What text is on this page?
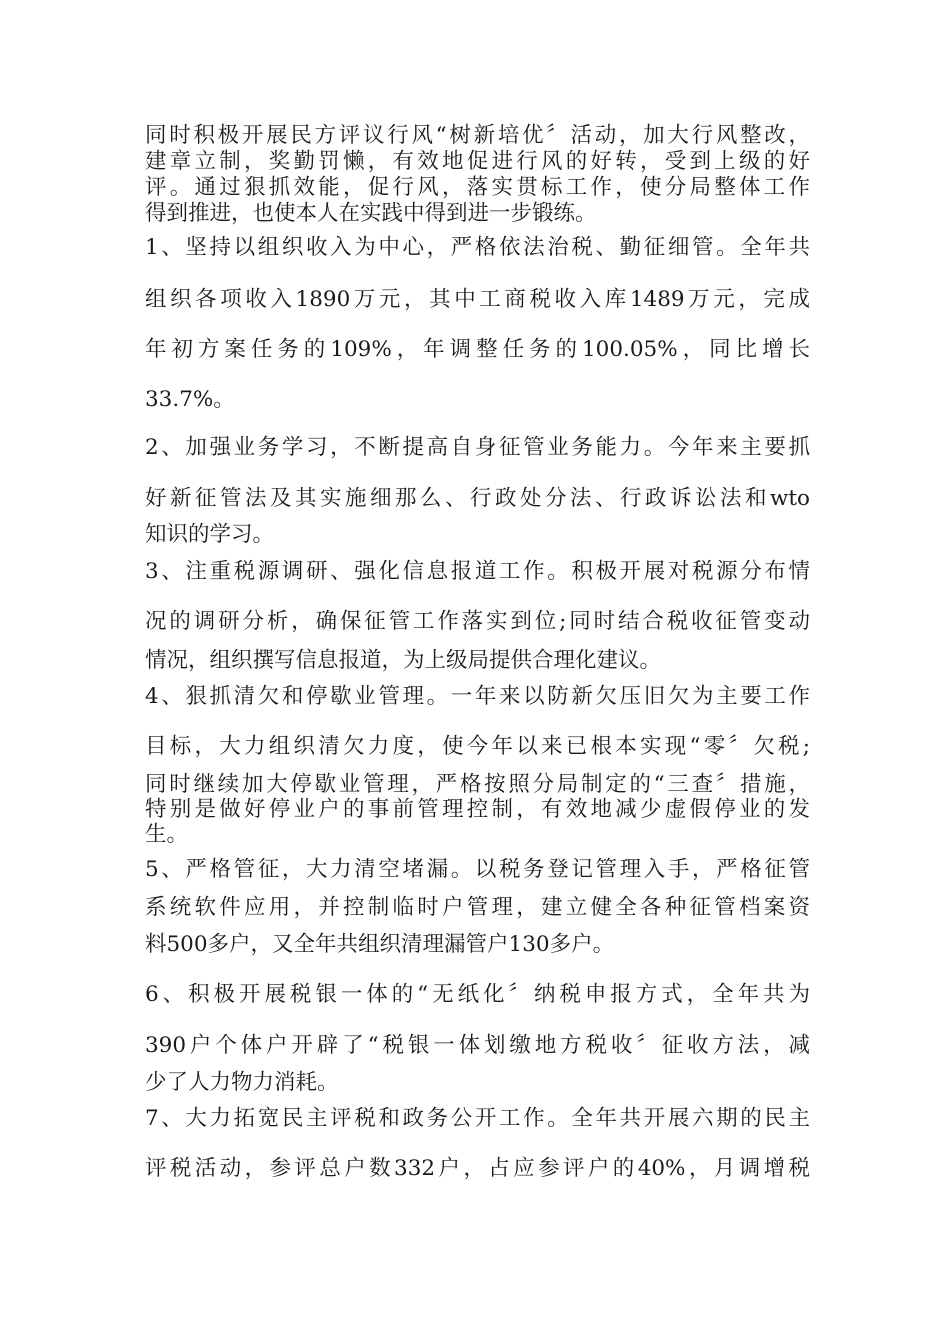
同时积极开展民方评议行风“树新培优〞活动，加大行风整改，

建章立制，奖勤罚懒，有效地促进行风的好转，受到上级的好

评。通过狠抓效能，促行风，落实贯标工作，使分局整体工作

得到推进，也使本人在实践中得到进一步锻练。

1、坚持以组织收入为中心，严格依法治税、勤征细管。全年共

组织各项收入1890万元，其中工商税收入库1489万元，完成

年初方案任务的109%，年调整任务的100.05%，同比增长

33.7%。

2、加强业务学习，不断提高自身征管业务能力。今年来主要抓

好新征管法及其实施细那么、行政处分法、行政诉讼法和wto

知识的学习。

3、注重税源调研、强化信息报道工作。积极开展对税源分布情

况的调研分析，确保征管工作落实到位;同时结合税收征管变动

情况，组织撰写信息报道，为上级局提供合理化建议。

4、狠抓清欠和停歇业管理。一年来以防新欠压旧欠为主要工作

目标，大力组织清欠力度，使今年以来已根本实现“零〞欠税;

同时继续加大停歇业管理，严格按照分局制定的“三查〞措施，

特别是做好停业户的事前管理控制，有效地减少虚假停业的发

生。

5、严格管征，大力清空堵漏。以税务登记管理入手，严格征管

系统软件应用，并控制临时户管理，建立健全各种征管档案资

料500多户，又全年共组织清理漏管户130多户。

6、积极开展税银一体的“无纸化〞纳税申报方式，全年共为

390户个体户开辟了“税银一体划缴地方税收〞征收方法，减

少了人力物力消耗。

7、大力拓宽民主评税和政务公开工作。全年共开展六期的民主

评税活动，参评总户数332户，占应参评户的40%，月调增税
